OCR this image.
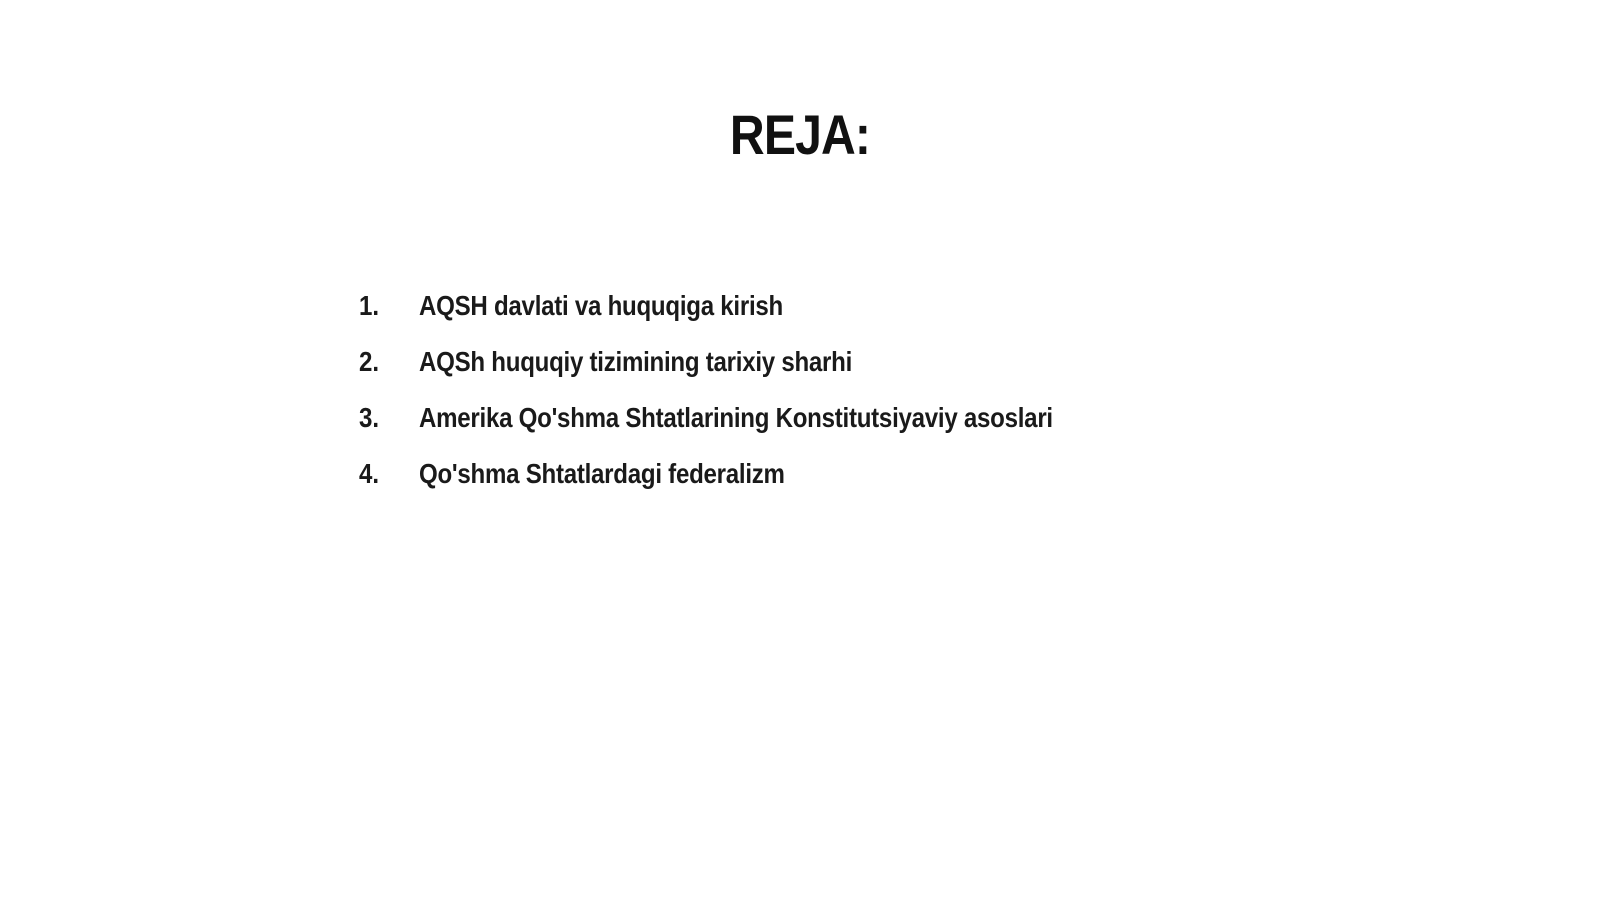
REJA:
1.	AQSH davlati va huquqiga kirish
2.	AQSh huquqiy tizimining tarixiy sharhi
3.	Amerika Qo'shma Shtatlarining Konstitutsiyaviy asoslari
4.	Qo'shma Shtatlardagi federalizm
